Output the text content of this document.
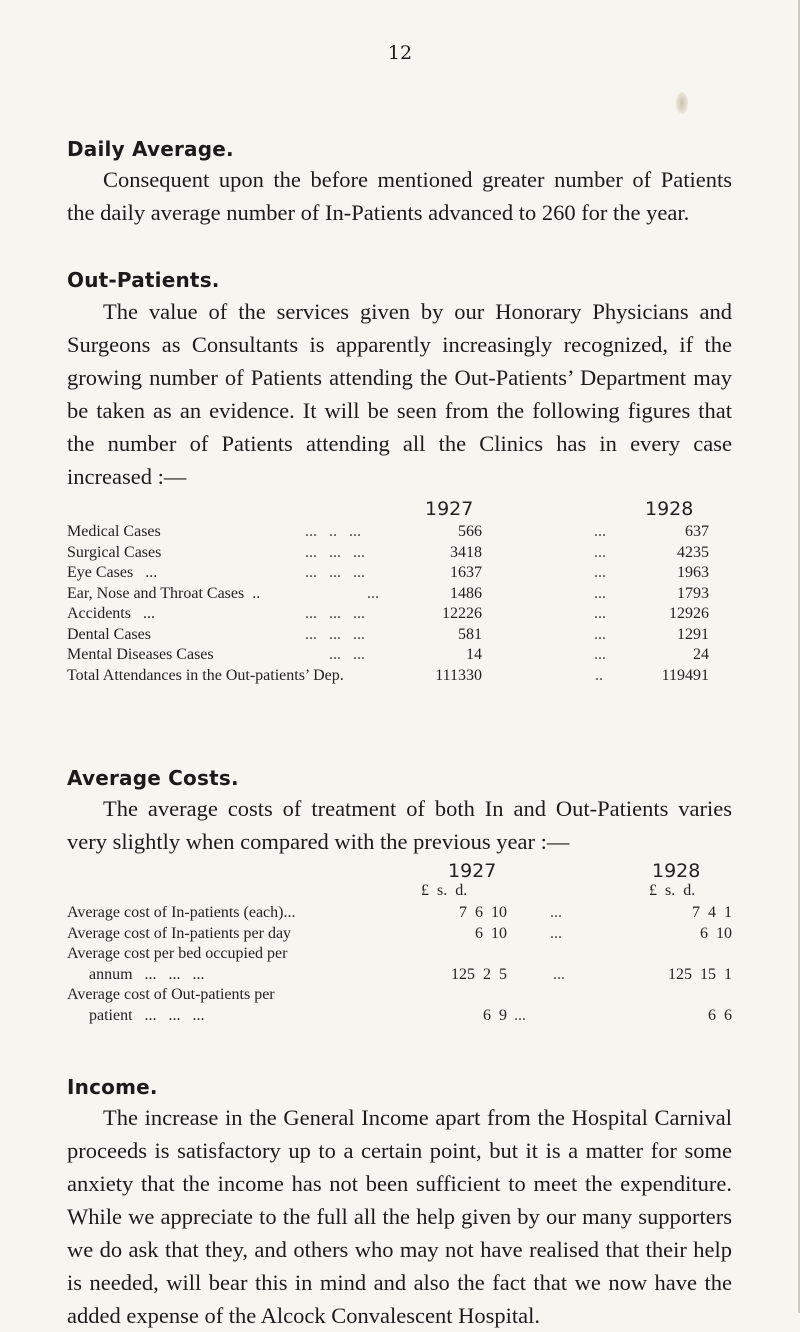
12
Daily Average.
Consequent upon the before mentioned greater number of Patients the daily average number of In-Patients advanced to 260 for the year.
Out-Patients.
The value of the services given by our Honorary Physicians and Surgeons as Consultants is apparently increasingly recognized, if the growing number of Patients attending the Out-Patients’ Department may be taken as an evidence. It will be seen from the following figures that the number of Patients attending all the Clinics has in every case increased :—
1927	1928
Medical Cases	...   ..   ...	566	...	637
Surgical Cases	...   ...   ...	3418	...	4235
Eye Cases   ...	...   ...   ...	1637	...	1963
Ear, Nose and Throat Cases  ..	...	1486	...	1793
Accidents   ...	...   ...   ...	12226	...	12926
Dental Cases	...   ...   ...	581	...	1291
Mental Diseases Cases	...   ...	14	...	24
Total Attendances in the Out-patients’ Dep.	111330	..	119491
Average Costs.
The average costs of treatment of both In and Out-Patients varies very slightly when compared with the previous year :—
1927	1928
£  s.  d.	£  s.  d.
Average cost of In-patients (each)...	7  6  10	...	7  4  1
Average cost of In-patients per day	6  10	...	6  10
Average cost per bed occupied per
annum   ...   ...   ...	125  2  5	...	125  15  1
Average cost of Out-patients per
patient   ...   ...   ...	6  9 ...	6  6
Income.
The increase in the General Income apart from the Hospital Carnival proceeds is satisfactory up to a certain point, but it is a matter for some anxiety that the income has not been sufficient to meet the expenditure. While we appreciate to the full all the help given by our many supporters we do ask that they, and others who may not have realised that their help is needed, will bear this in mind and also the fact that we now have the added expense of the Alcock Convalescent Hospital.
